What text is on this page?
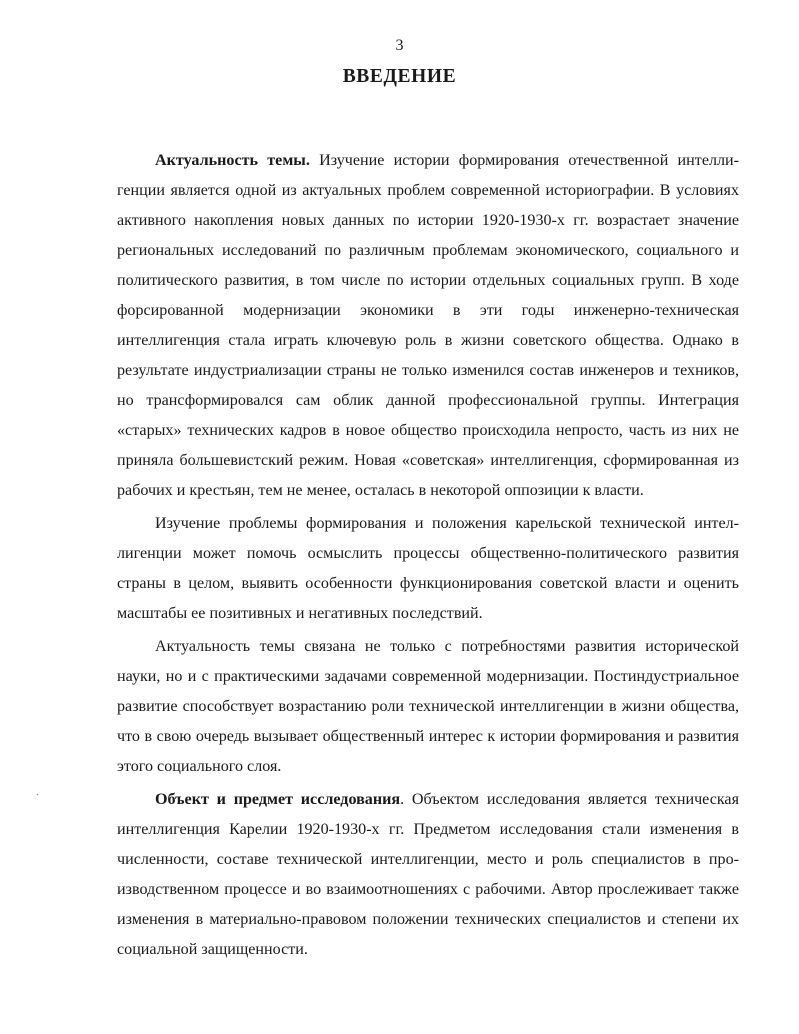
3
ВВЕДЕНИЕ

Актуальность темы. Изучение истории формирования отечественной интеллигенции является одной из актуальных проблем современной историографии. В условиях активного накопления новых данных по истории 1920-1930-х гг. возрастает значение региональных исследований по различным проблемам экономического, социального и политического развития, в том числе по истории отдельных социальных групп. В ходе форсированной модернизации экономики в эти годы инженерно-техническая интеллигенция стала играть ключевую роль в жизни советского общества. Однако в результате индустриализации страны не только изменился состав инженеров и техников, но трансформировался сам облик данной профессиональной группы. Интеграция «старых» технических кадров в новое общество происходила непросто, часть из них не приняла большевистский режим. Новая «советская» интеллигенция, сформированная из рабочих и крестьян, тем не менее, осталась в некоторой оппозиции к власти.

Изучение проблемы формирования и положения карельской технической интеллигенции может помочь осмыслить процессы общественно-политического развития страны в целом, выявить особенности функционирования советской власти и оценить масштабы ее позитивных и негативных последствий.

Актуальность темы связана не только с потребностями развития исторической науки, но и с практическими задачами современной модернизации. Постиндустриальное развитие способствует возрастанию роли технической интеллигенции в жизни общества, что в свою очередь вызывает общественный интерес к истории формирования и развития этого социального слоя.

Объект и предмет исследования. Объектом исследования является техническая интеллигенция Карелии 1920-1930-х гг. Предметом исследования стали изменения в численности, составе технической интеллигенции, место и роль специалистов в производственном процессе и во взаимоотношениях с рабочими. Автор прослеживает также изменения в материально-правовом положении технических специалистов и степени их социальной защищенности.
